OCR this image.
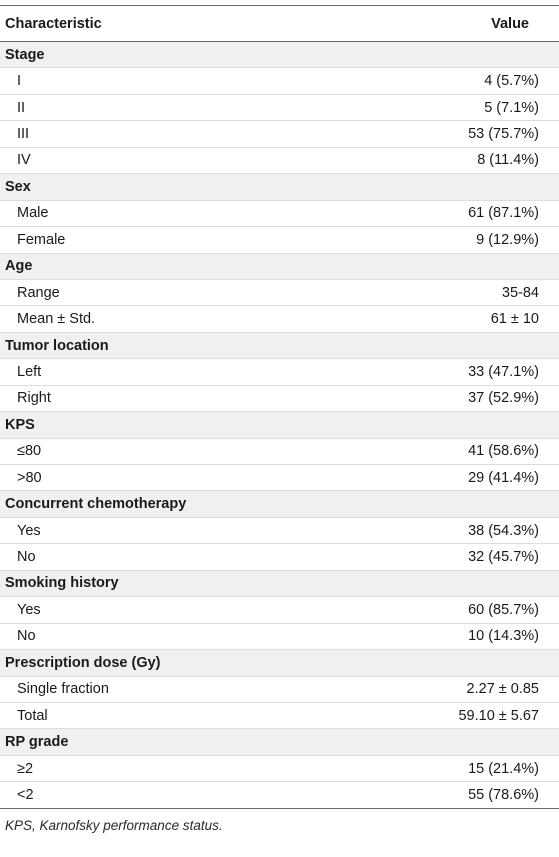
Characteristic	Value
Stage	
I	4 (5.7%)
II	5 (7.1%)
III	53 (75.7%)
IV	8 (11.4%)
Sex	
Male	61 (87.1%)
Female	9 (12.9%)
Age	
Range	35-84
Mean ± Std.	61 ± 10
Tumor location	
Left	33 (47.1%)
Right	37 (52.9%)
KPS	
≤80	41 (58.6%)
>80	29 (41.4%)
Concurrent chemotherapy	
Yes	38 (54.3%)
No	32 (45.7%)
Smoking history	
Yes	60 (85.7%)
No	10 (14.3%)
Prescription dose (Gy)	
Single fraction	2.27 ± 0.85
Total	59.10 ± 5.67
RP grade	
≥2	15 (21.4%)
<2	55 (78.6%)
KPS, Karnofsky performance status.
